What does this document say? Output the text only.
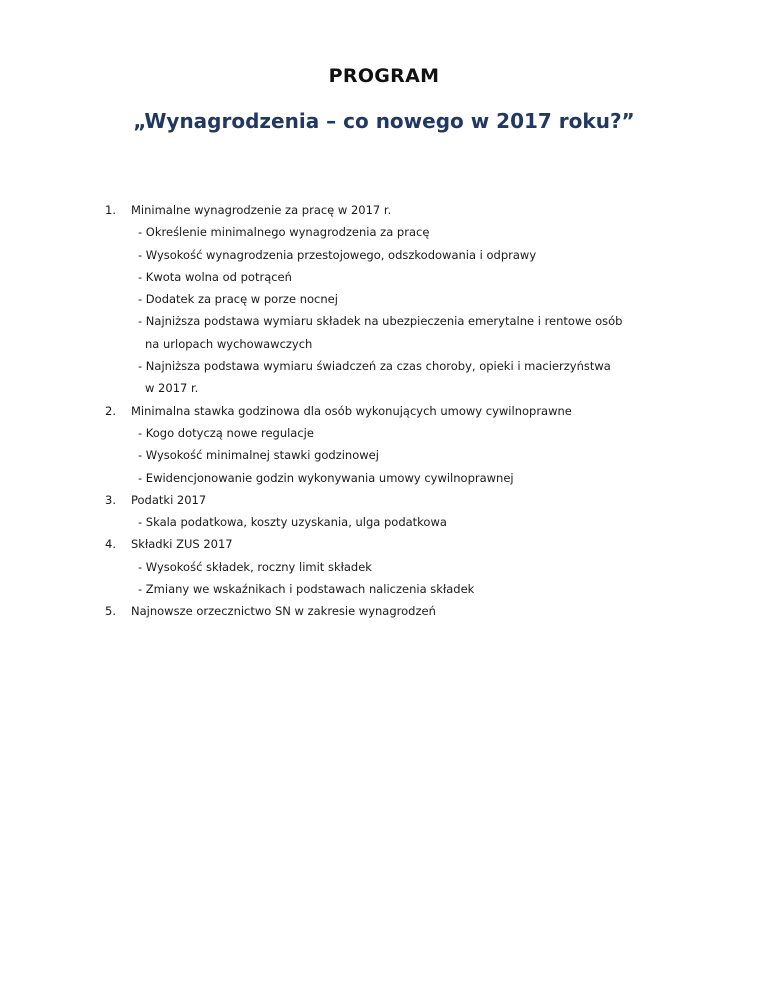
PROGRAM
„Wynagrodzenia – co nowego w 2017 roku?”
1. Minimalne wynagrodzenie za pracę w 2017 r.
- Określenie minimalnego wynagrodzenia za pracę
- Wysokość wynagrodzenia przestojowego, odszkodowania i odprawy
- Kwota wolna od potrąceń
- Dodatek za pracę w porze nocnej
- Najniższa podstawa wymiaru składek na ubezpieczenia emerytalne i rentowe osób
na urlopach wychowawczych
- Najniższa podstawa wymiaru świadczeń za czas choroby, opieki i macierzyństwa
w 2017 r.
2. Minimalna stawka godzinowa dla osób wykonujących umowy cywilnoprawne
- Kogo dotyczą nowe regulacje
- Wysokość minimalnej stawki godzinowej
- Ewidencjonowanie godzin wykonywania umowy cywilnoprawnej
3. Podatki 2017
- Skala podatkowa, koszty uzyskania, ulga podatkowa
4. Składki ZUS 2017
- Wysokość składek, roczny limit składek
- Zmiany we wskaźnikach i podstawach naliczenia składek
5. Najnowsze orzecznictwo SN w zakresie wynagrodzeń
